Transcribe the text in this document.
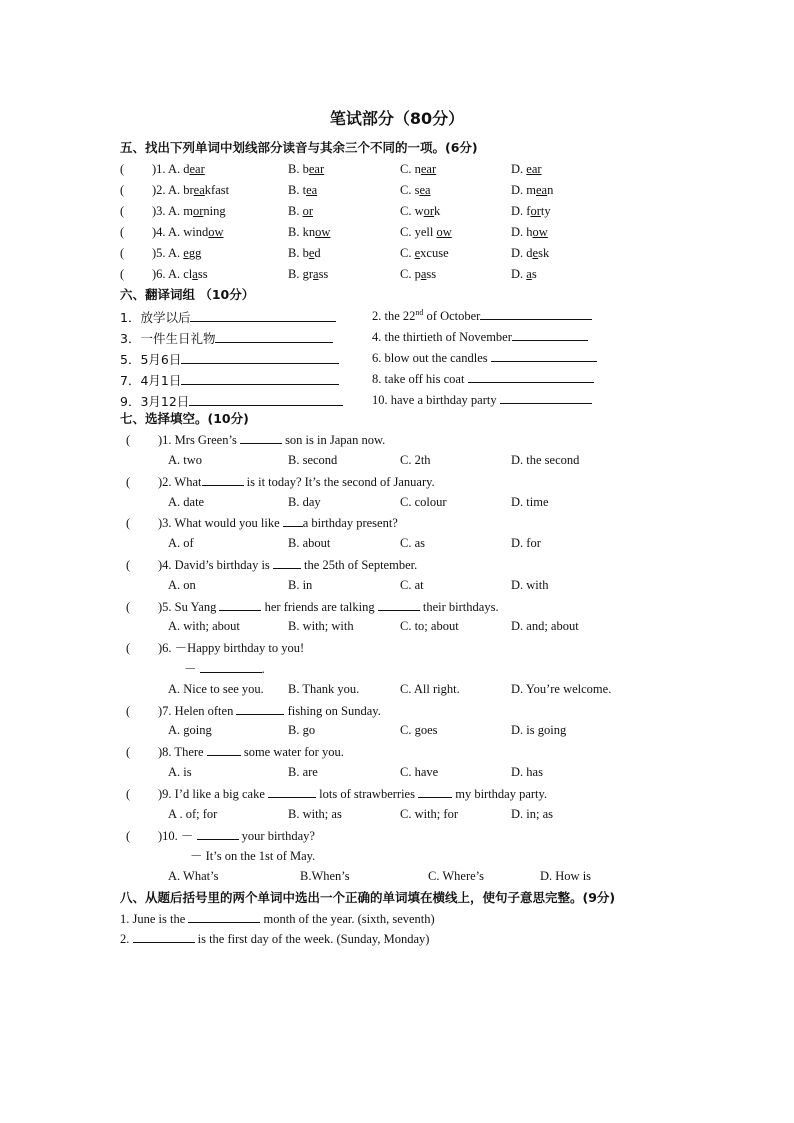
笔试部分（80分）
五、找出下列单词中划线部分读音与其余三个不同的一项。(6分)
( )1. A. dear	B. bear	C. near	D. ear
( )2. A. breakfast	B. tea	C. sea	D. mean
( )3. A. morning	B. or	C. work	D. forty
( )4. A. window	B. know	C. yell ow	D. how
( )5. A. egg	B. bed	C. excuse	D. desk
( )6. A. class	B. grass	C. pass	D. as
六、翻译词组 （10分）
1．放学以后	2. the 22nd of October
3．一件生日礼物	4. the thirtieth of November
5．5月6日	6. blow out the candles
7．4月1日	8. take off his coat
9．3月12日	10. have a birthday party
七、选择填空。(10分)
( )1. Mrs Green’s	son is in Japan now.
A. two	B. second	C. 2th	D. the second
( )2. What	is it today? It’s the second of January.
A. date	B. day	C. colour	D. time
( )3. What would you like a birthday present?
A. of	B. about	C. as	D. for
( )4. David’s birthday is  the 25th of September.
A. on	B. in	C. at	D. with
( )5. Su Yang	her friends are talking	their birthdays.
A. with; about	B. with; with	C. to; about	D. and; about
( )6. －Happy birthday to you!
－	.
A. Nice to see you. B. Thank you.	C. All right.	D. You’re welcome.
( )7. Helen often	fishing on Sunday.
A. going	B. go	C. goes	D. is going
( )8. There	some water for you.
A. is	B. are	C. have	D. has
( )9. I’d like a big cake	lots of strawberries	my birthday party.
A . of; for	B. with; as	C. with; for	D. in; as
( )10. －	your birthday?
－ It’s on the 1st of May.
A. What’s	B.When’s	C. Where’s	D. How is
八、从题后括号里的两个单词中选出一个正确的单词填在横线上，使句子意思完整。(9分)
1. June is the	month of the year. (sixth, seventh)
2.	is the first day of the week. (Sunday, Monday)
